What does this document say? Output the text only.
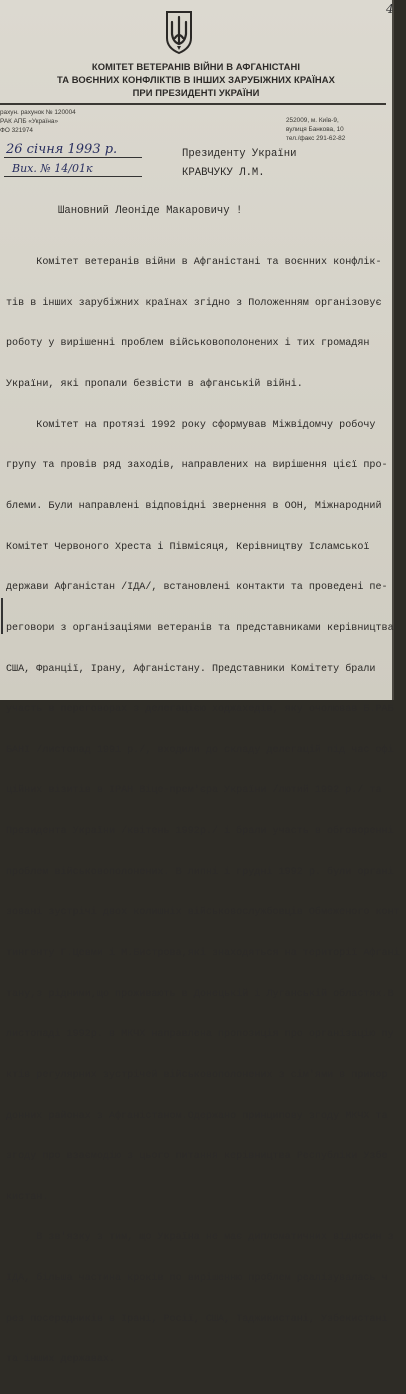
4
КОМІТЕТ ВЕТЕРАНІВ ВІЙНИ В АФГАНІСТАНІ
ТА ВОЄННИХ КОНФЛІКТІВ В ІНШИХ ЗАРУБІЖНИХ КРАЇНАХ
ПРИ ПРЕЗИДЕНТІ УКРАЇНИ
рахун. рахунок № 120004
РАК АПБ «Україна»
ФО 321974
252009, м. Київ-9,
вулиця Банкова, 10
тел./факс 291-62-82
26 січня 1993 р.
Вих. № 14/01к
Президенту України
КРАВЧУКУ Л.М.
Шановний Леоніде Макаровичу !

Комітет ветеранів війни в Афганістані та воєнних конфлік-

тів в інших зарубіжних країнах згідно з Положенням організовує

роботу у вирішенні проблем військовополонених і тих громадян

України, які пропали безвісти в афганській війні.

Комітет на протязі 1992 року сформував Міжвідомчу робочу

групу та провів ряд заходів, направлених на вирішення цієї про-

блеми. Були направлені відповідні звернення в ООН, Міжнародний

Комітет Червоного Хреста і Півмісяця, Керівництву Ісламської

держави Афганістан /ІДА/, встановлені контакти та проведені пе-

реговори з організаціями ветеранів та представниками керівництва

США, Франції, Ірану, Афганістану. Представники Комітету брали

участь в переговорах з делегацією ходжахедів, яку очолював Б.РАБ

БАНІ /листопад 1991 р./, входили до складу делегацій під час офі

ційних візитів в ІРАН Віце-прем'єра України /лютий 1992 р./ та

Президента України /квітень 1992р./ і брали участь в обговоренні

проблем військовополонених. В липні і грудні 1992 р. були органі

зовані зустрічі двох колишніх військовослужбовців Обмеженого конт

тингенту Г.Цевми і М.Бистрова,які знаходяться на території Афгані

тану,з рідними,що проживають в Донецькій і Луганській областях.В

листопаді 1992р. в МКЧХ направлена пропозиція про організацію пу

ктів регулярних зустрічей військовополонених з сім'ями в прикор

донних районах з Афганістаном.Одержано принципову згоду МКЧХ та

згоду про взаємодію з цього питання керівництва Республіки Узбе

кистан.

В зв'язку з тим, що Україна не має дипломатичних відносин з

ІДА, більша частина кроків по вирішенню проблем реалізувалась ч

рез посередників в Ірані, Росії, США, Таджикистані, Узбекистані

та інших державах.
